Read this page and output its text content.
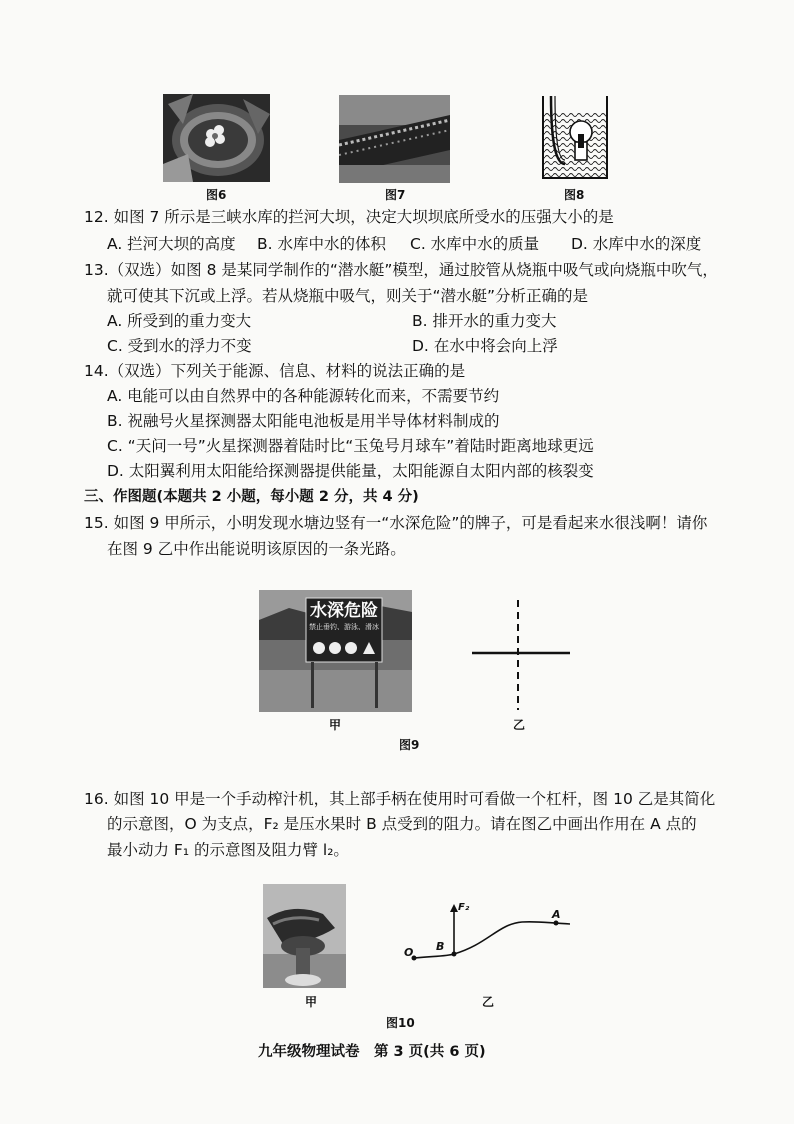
图6	图7	图8
12. 如图 7 所示是三峡水库的拦河大坝，决定大坝坝底所受水的压强大小的是
A. 拦河大坝的高度 B. 水库中水的体积 C. 水库中水的质量 D. 水库中水的深度
13.（双选）如图 8 是某同学制作的“潜水艇”模型，通过胶管从烧瓶中吸气或向烧瓶中吹气，
就可使其下沉或上浮。若从烧瓶中吸气，则关于“潜水艇”分析正确的是
A. 所受到的重力变大	B. 排开水的重力变大
C. 受到水的浮力不变	D. 在水中将会向上浮
14.（双选）下列关于能源、信息、材料的说法正确的是
A. 电能可以由自然界中的各种能源转化而来，不需要节约
B. 祝融号火星探测器太阳能电池板是用半导体材料制成的
C. “天问一号”火星探测器着陆时比“玉兔号月球车”着陆时距离地球更远
D. 太阳翼利用太阳能给探测器提供能量，太阳能源自太阳内部的核裂变
三、作图题(本题共 2 小题，每小题 2 分，共 4 分)
15. 如图 9 甲所示，小明发现水塘边竖有一“水深危险”的牌子，可是看起来水很浅啊！请你
在图 9 乙中作出能说明该原因的一条光路。
水深危险
禁止垂钓、游泳、滑冰
甲	乙
图9
16. 如图 10 甲是一个手动榨汁机，其上部手柄在使用时可看做一个杠杆，图 10 乙是其简化
的示意图，O 为支点，F₂ 是压水果时 B 点受到的阻力。请在图乙中画出作用在 A 点的
最小动力 F₁ 的示意图及阻力臂 l₂。
甲
O B
A
F₂
乙
图10
九年级物理试卷　第 3 页(共 6 页)
